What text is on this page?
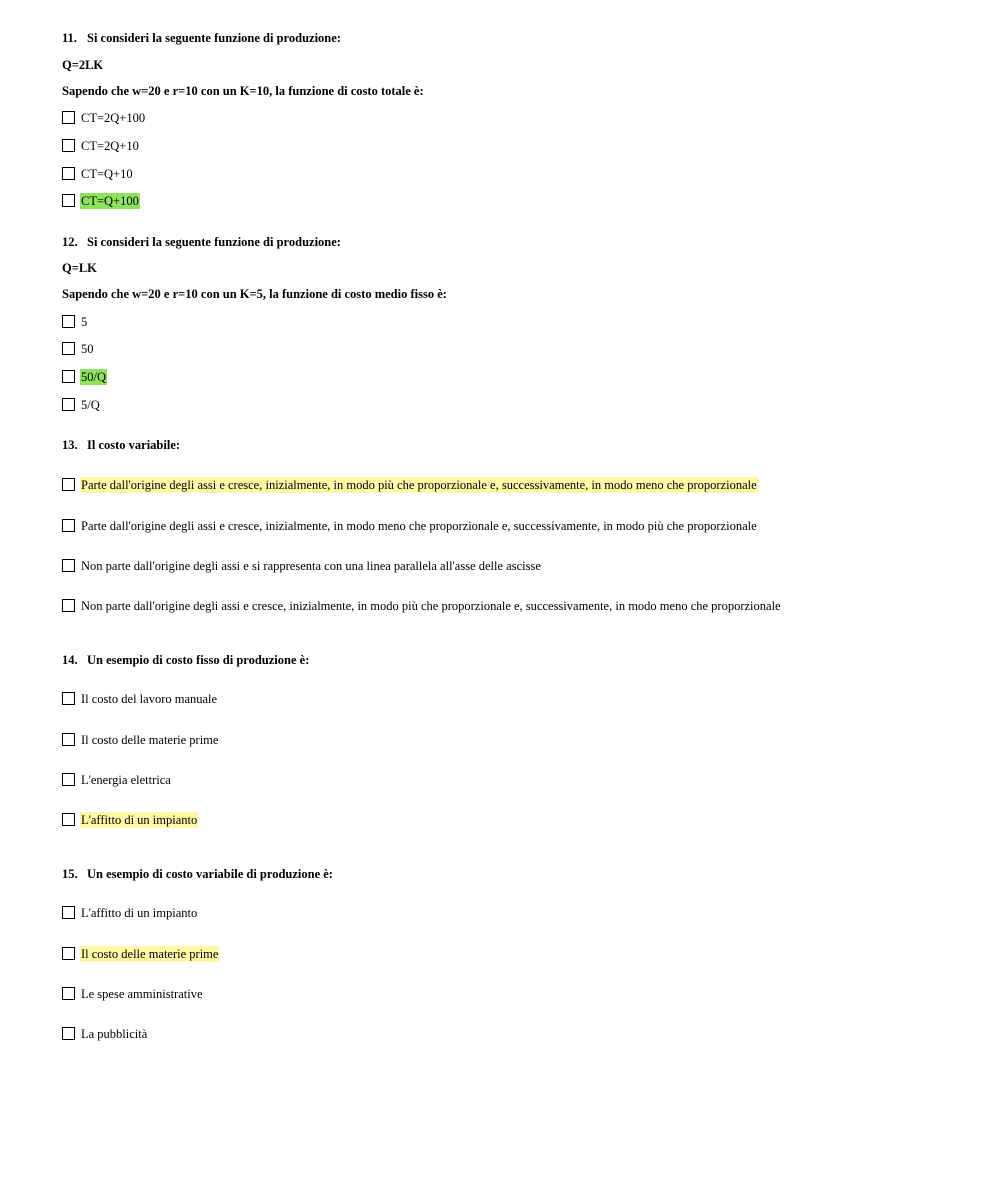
11. Si consideri la seguente funzione di produzione:
Q=2LK
Sapendo che w=20 e r=10 con un K=10, la funzione di costo totale è:
CT=2Q+100
CT=2Q+10
CT=Q+10
CT=Q+100
12. Si consideri la seguente funzione di produzione:
Q=LK
Sapendo che w=20 e r=10 con un K=5, la funzione di costo medio fisso è:
5
50
50/Q
5/Q
13. Il costo variabile:
Parte dall'origine degli assi e cresce, inizialmente, in modo più che proporzionale e, successivamente, in modo meno che proporzionale
Parte dall'origine degli assi e cresce, inizialmente, in modo meno che proporzionale e, successivamente, in modo più che proporzionale
Non parte dall'origine degli assi e si rappresenta con una linea parallela all'asse delle ascisse
Non parte dall'origine degli assi e cresce, inizialmente, in modo più che proporzionale e, successivamente, in modo meno che proporzionale
14. Un esempio di costo fisso di produzione è:
Il costo del lavoro manuale
Il costo delle materie prime
L'energia elettrica
L'affitto di un impianto
15. Un esempio di costo variabile di produzione è:
L'affitto di un impianto
Il costo delle materie prime
Le spese amministrative
La pubblicità
